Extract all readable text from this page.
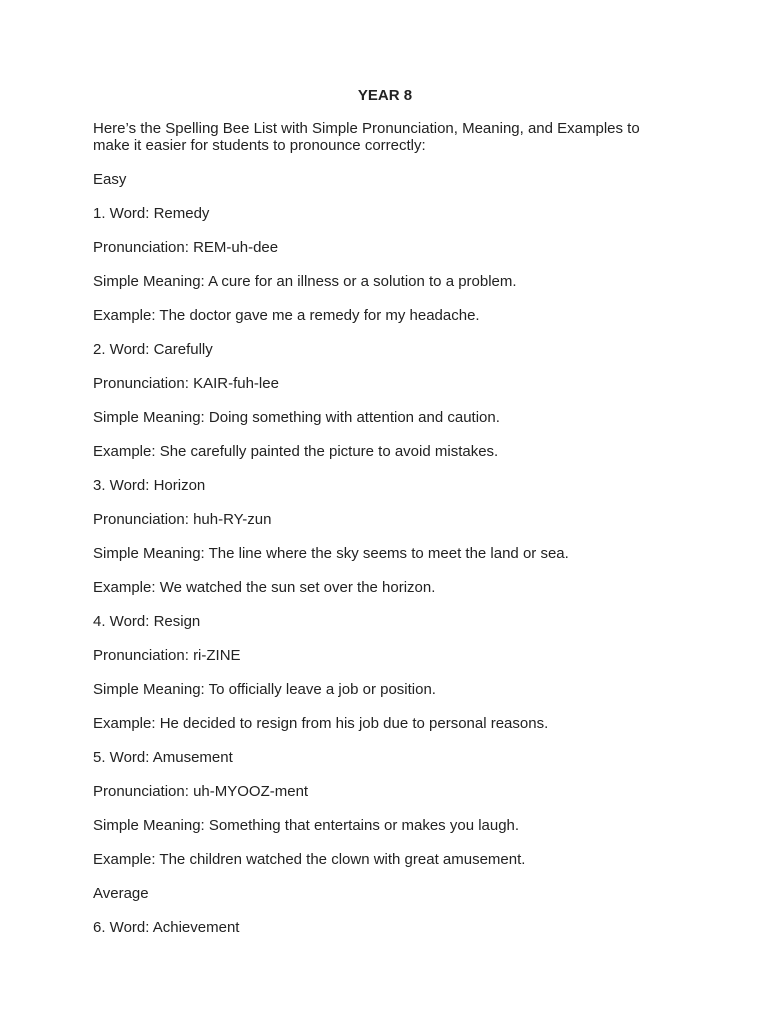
YEAR 8
Here’s the Spelling Bee List with Simple Pronunciation, Meaning, and Examples to make it easier for students to pronounce correctly:
Easy
1. Word: Remedy
Pronunciation: REM-uh-dee
Simple Meaning: A cure for an illness or a solution to a problem.
Example: The doctor gave me a remedy for my headache.
2. Word: Carefully
Pronunciation: KAIR-fuh-lee
Simple Meaning: Doing something with attention and caution.
Example: She carefully painted the picture to avoid mistakes.
3. Word: Horizon
Pronunciation: huh-RY-zun
Simple Meaning: The line where the sky seems to meet the land or sea.
Example: We watched the sun set over the horizon.
4. Word: Resign
Pronunciation: ri-ZINE
Simple Meaning: To officially leave a job or position.
Example: He decided to resign from his job due to personal reasons.
5. Word: Amusement
Pronunciation: uh-MYOOZ-ment
Simple Meaning: Something that entertains or makes you laugh.
Example: The children watched the clown with great amusement.
Average
6. Word: Achievement
